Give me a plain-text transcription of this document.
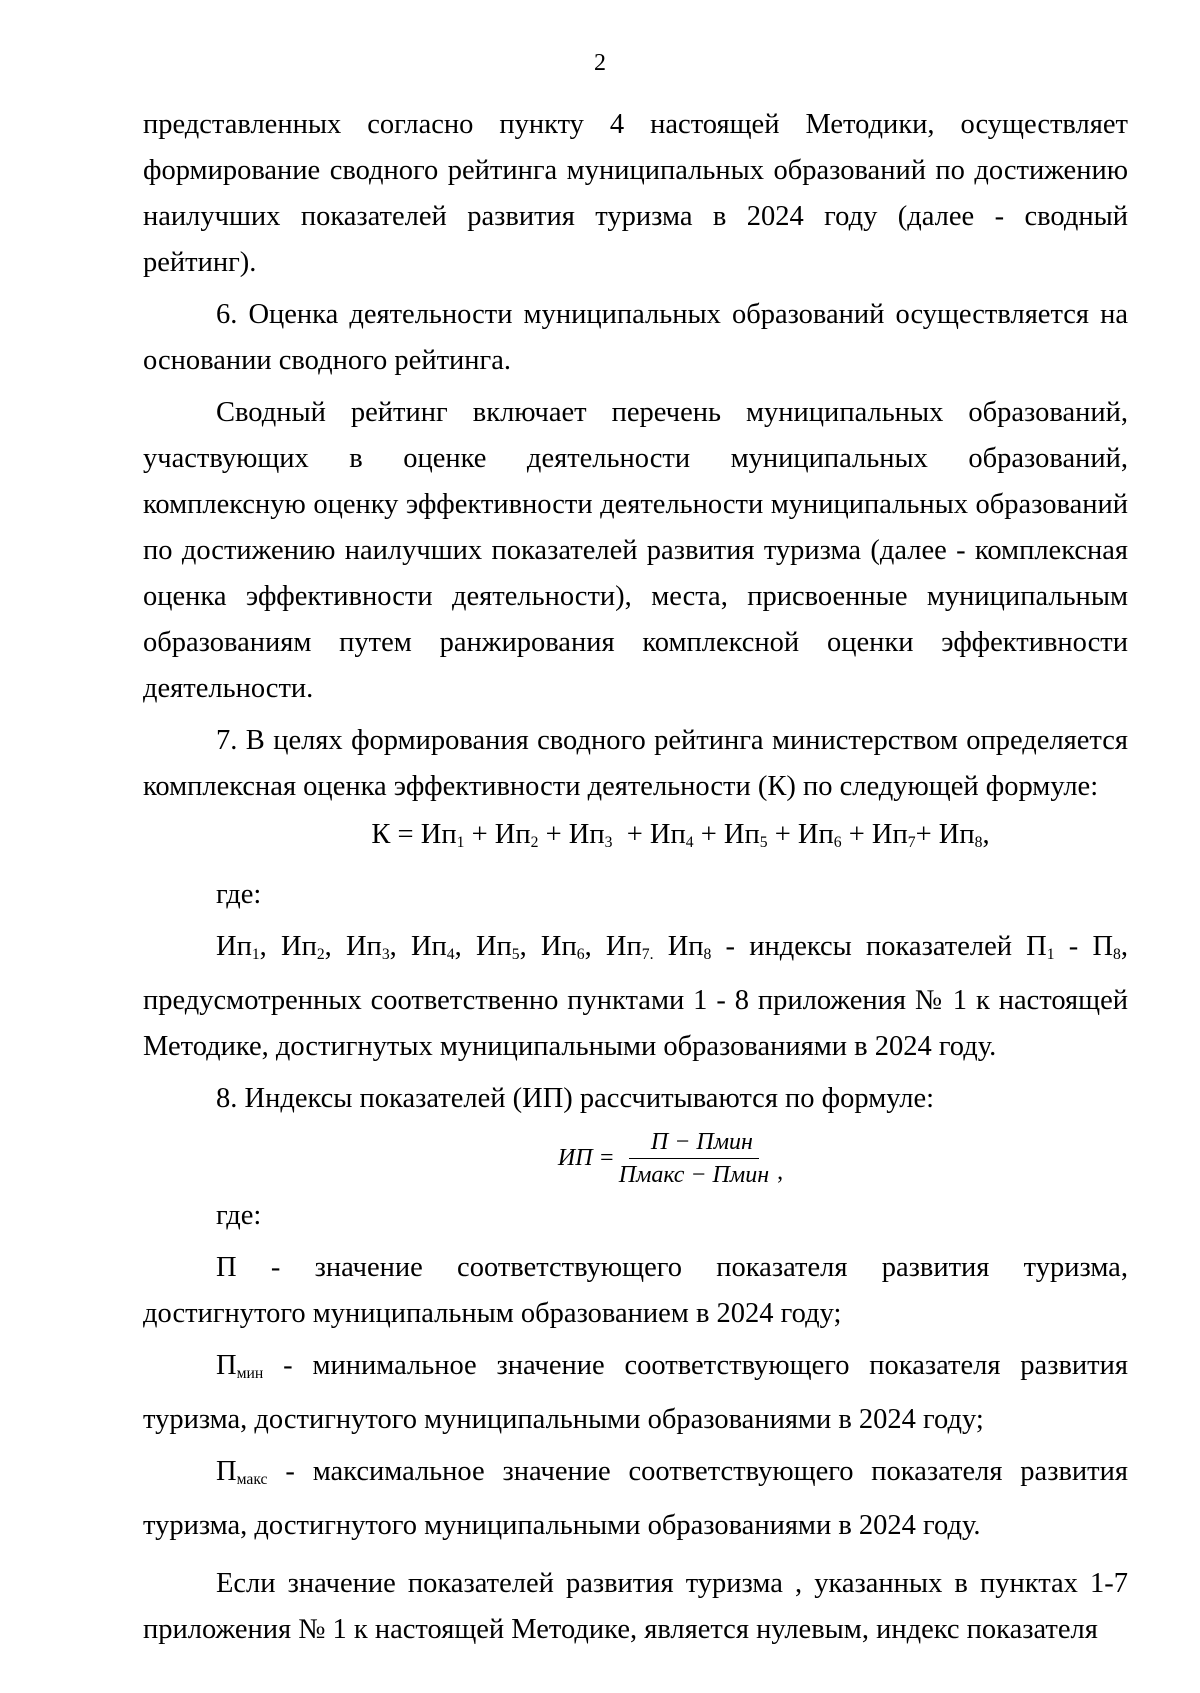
2
представленных согласно пункту 4 настоящей Методики, осуществляет
формирование сводного рейтинга муниципальных образований по достижению наилучших показателей развития туризма в 2024 году (далее - сводный рейтинг).

6. Оценка деятельности муниципальных образований осуществляется на основании сводного рейтинга.

Сводный рейтинг включает перечень муниципальных образований, участвующих в оценке деятельности муниципальных образований, комплексную оценку эффективности деятельности муниципальных образований по достижению наилучших показателей развития туризма (далее - комплексная оценка эффективности деятельности), места, присвоенные муниципальным образованиям путем ранжирования комплексной оценки эффективности деятельности.

7. В целях формирования сводного рейтинга министерством определяется комплексная оценка эффективности деятельности (К) по следующей формуле:

$К = Ип_1 + Ип_2 + Ип_3 + Ип_4 + Ип_5 + Ип_6 + Ип_7+ Ип_8$,

где:

$Ип_1$, $Ип_2$, $Ип_3$, $Ип_4$, $Ип_5$, $Ип_6$, $Ип_{7.}$ $Ип_8$ - индексы показателей $П_1 - П_8$, предусмотренных соответственно пунктами 1 - 8 приложения № 1 к настоящей Методике, достигнутых муниципальными образованиями в 2024 году.

8. Индексы показателей (ИП) рассчитываются по формуле:

ИП = $\frac{\text{П − Пмин}}{\text{Пмакс − Пмин}}$ ,

где:

П - значение соответствующего показателя развития туризма,
достигнутого муниципальным образованием в 2024 году;

$П_{мин}$ - минимальное значение соответствующего показателя развития туризма, достигнутого муниципальными образованиями в 2024 году;

$П_{макс}$ - максимальное значение соответствующего показателя развития туризма, достигнутого муниципальными образованиями в 2024 году.

Если значение показателей развития туризма , указанных в пунктах 1-7 приложения № 1 к настоящей Методике, является нулевым, индекс показателя
